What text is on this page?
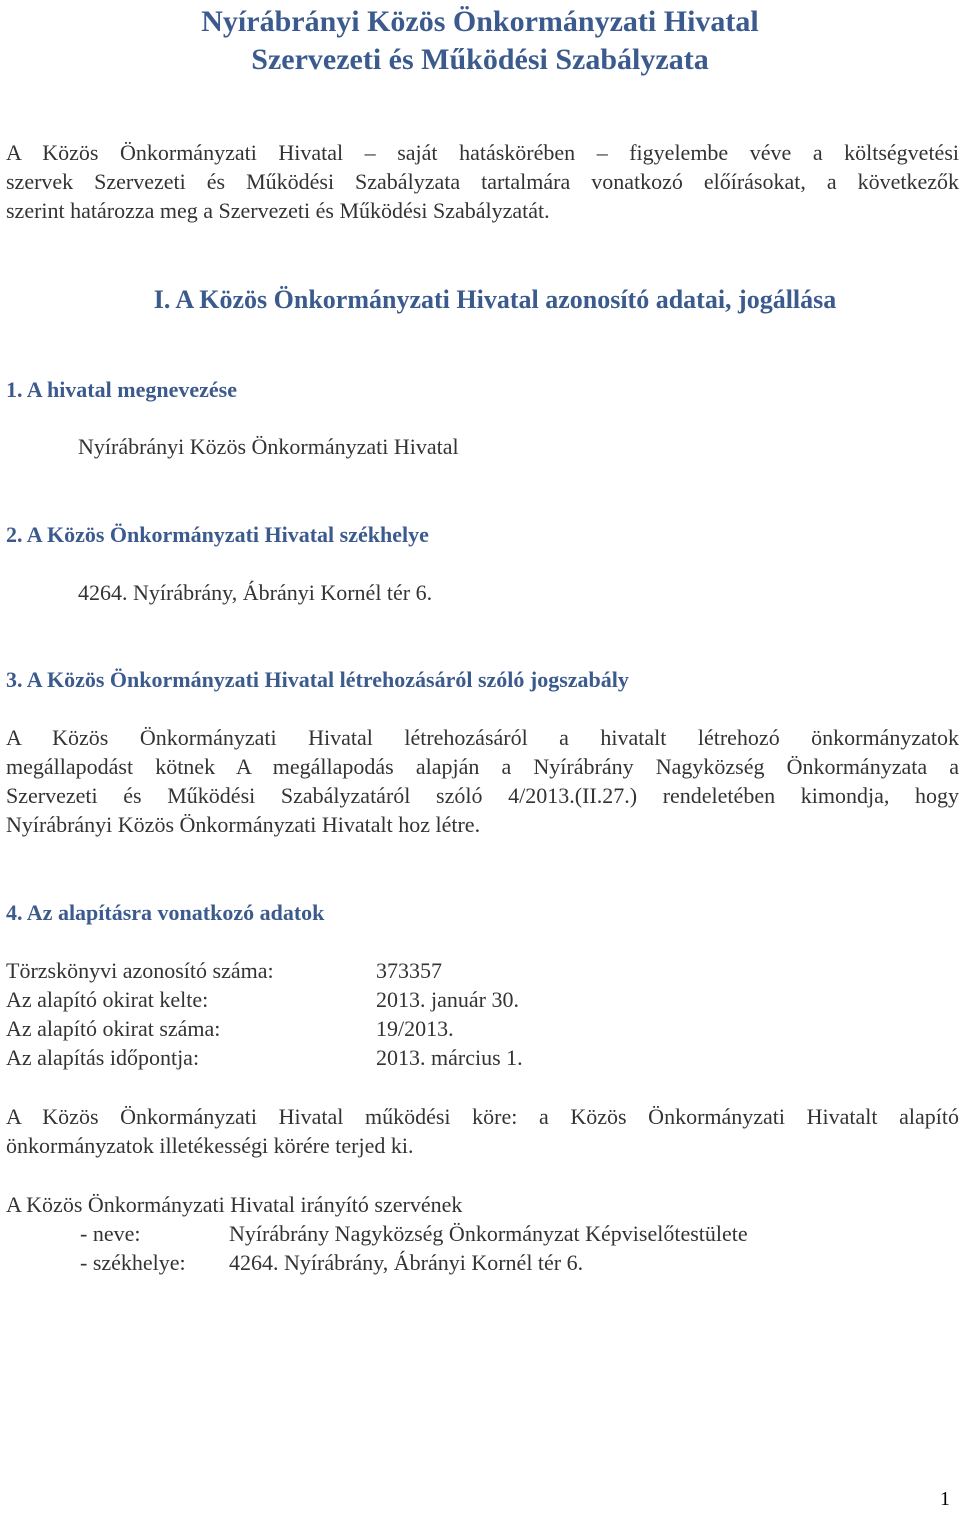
Nyírábrányi Közös Önkormányzati Hivatal
Szervezeti és Működési Szabályzata
A Közös Önkormányzati Hivatal – saját hatáskörében – figyelembe véve a költségvetési
szervek Szervezeti és Működési Szabályzata tartalmára vonatkozó előírásokat, a következők
szerint határozza meg a Szervezeti és Működési Szabályzatát.
I. A Közös Önkormányzati Hivatal azonosító adatai, jogállása
1. A hivatal megnevezése
Nyírábrányi Közös Önkormányzati Hivatal
2. A Közös Önkormányzati Hivatal székhelye
4264. Nyírábrány, Ábrányi Kornél tér 6.
3. A Közös Önkormányzati Hivatal létrehozásáról szóló jogszabály
A Közös Önkormányzati Hivatal létrehozásáról a hivatalt létrehozó önkormányzatok
megállapodást kötnek A megállapodás alapján a Nyírábrány Nagyközség Önkormányzata a
Szervezeti és Működési Szabályzatáról szóló 4/2013.(II.27.) rendeletében kimondja, hogy
Nyírábrányi Közös Önkormányzati Hivatalt hoz létre.
4. Az alapításra vonatkozó adatok
Törzskönyvi azonosító száma:	373357
Az alapító okirat kelte:	2013. január 30.
Az alapító okirat száma:	19/2013.
Az alapítás időpontja:	2013. március 1.
A Közös Önkormányzati Hivatal működési köre: a Közös Önkormányzati Hivatalt alapító
önkormányzatok illetékességi körére terjed ki.
A Közös Önkormányzati Hivatal irányító szervének
- neve:	Nyírábrány Nagyközség Önkormányzat Képviselőtestülete
- székhelye: 4264. Nyírábrány, Ábrányi Kornél tér 6.
1
